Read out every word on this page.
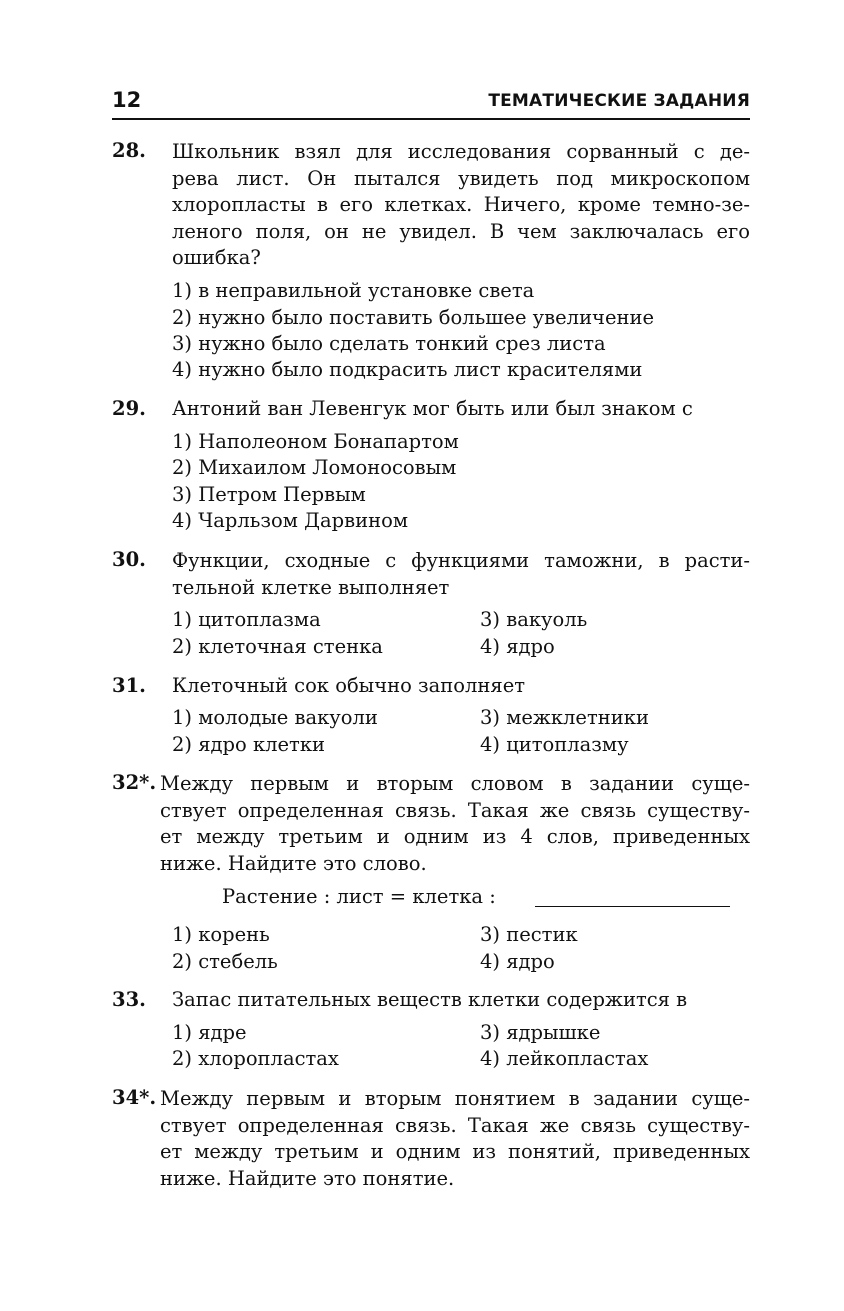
12	ТЕМАТИЧЕСКИЕ ЗАДАНИЯ
28. Школьник взял для исследования сорванный с де-
рева лист. Он пытался увидеть под микроскопом
хлоропласты в его клетках. Ничего, кроме темно-зе-
леного поля, он не увидел. В чем заключалась его
ошибка?
1) в неправильной установке света
2) нужно было поставить большее увеличение
3) нужно было сделать тонкий срез листа
4) нужно было подкрасить лист красителями
29. Антоний ван Левенгук мог быть или был знаком с
1) Наполеоном Бонапартом
2) Михаилом Ломоносовым
3) Петром Первым
4) Чарльзом Дарвином
30. Функции, сходные с функциями таможни, в расти-
тельной клетке выполняет
1) цитоплазма
2) клеточная стенка
3) вакуоль
4) ядро
31. Клеточный сок обычно заполняет
1) молодые вакуоли
2) ядро клетки
3) межклетники
4) цитоплазму
32*. Между первым и вторым словом в задании суще-
ствует определенная связь. Такая же связь существу-
ет между третьим и одним из 4 слов, приведенных
ниже. Найдите это слово.
Растение : лист = клетка :
1) корень
2) стебель
3) пестик
4) ядро
33. Запас питательных веществ клетки содержится в
1) ядре
2) хлоропластах
3) ядрышке
4) лейкопластах
34*. Между первым и вторым понятием в задании суще-
ствует определенная связь. Такая же связь существу-
ет между третьим и одним из понятий, приведенных
ниже. Найдите это понятие.
